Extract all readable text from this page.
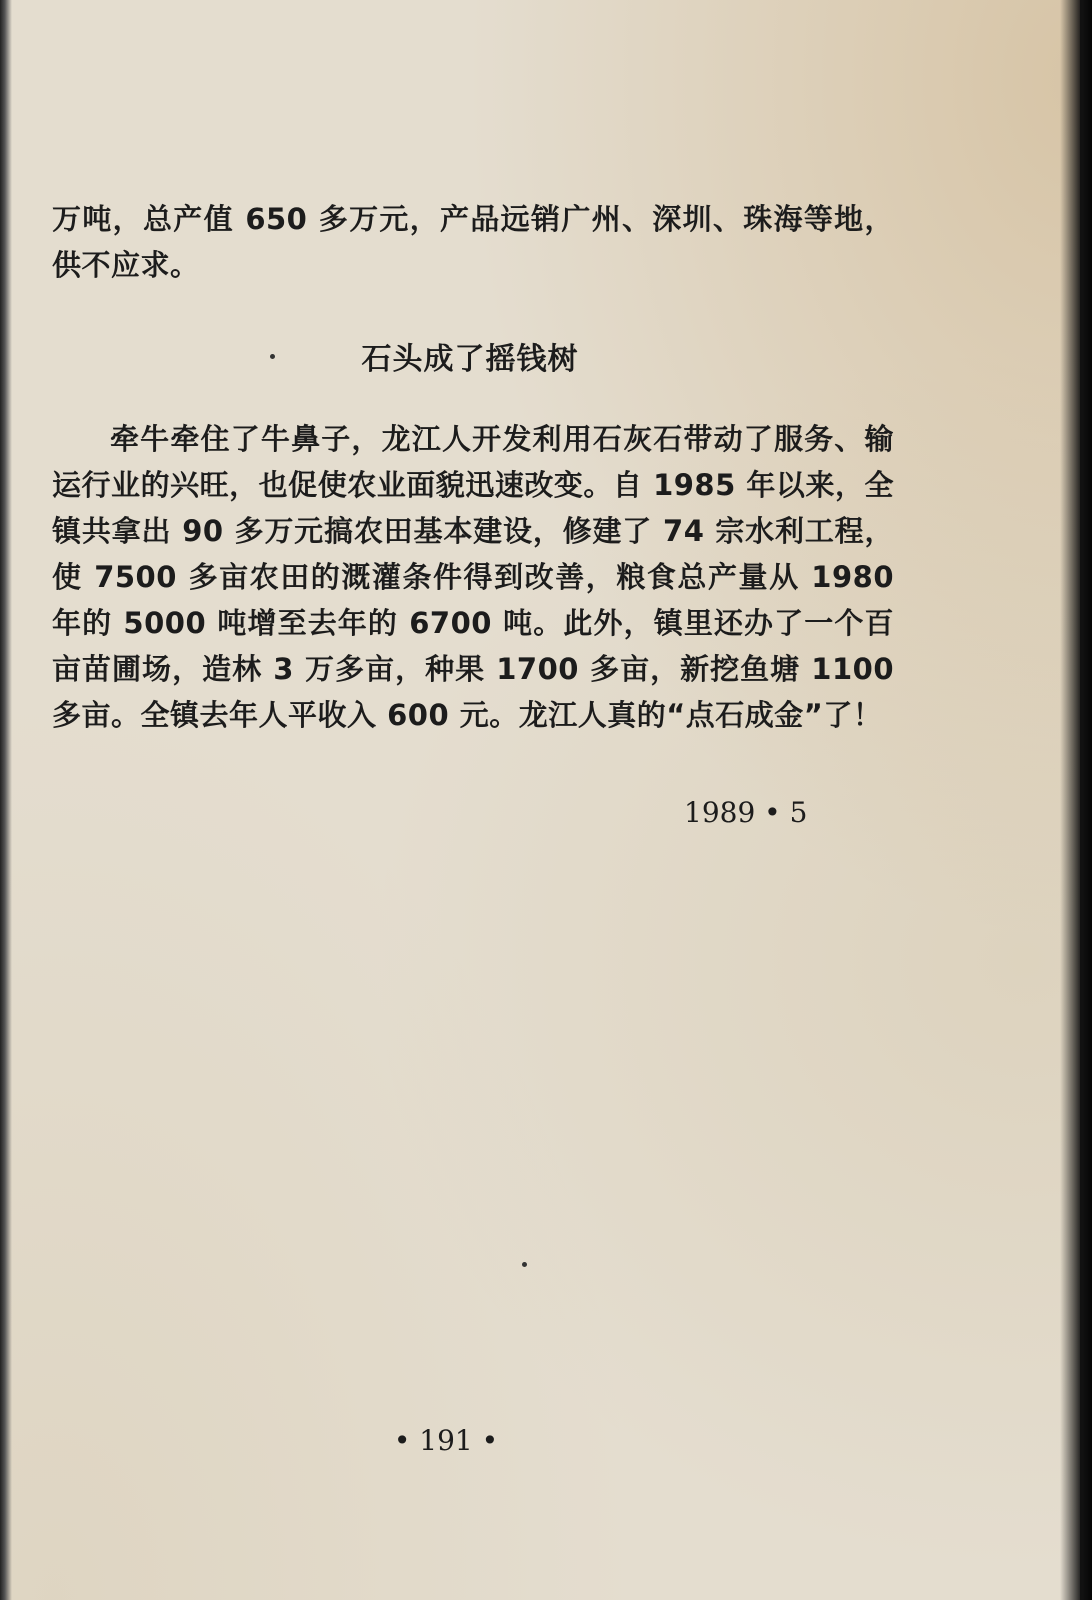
万吨，总产值 650 多万元，产品远销广州、深圳、珠海等地，供不应求。

石头成了摇钱树

牵牛牵住了牛鼻子，龙江人开发利用石灰石带动了服务、输运行业的兴旺，也促使农业面貌迅速改变。自 1985 年以来，全镇共拿出 90 多万元搞农田基本建设，修建了 74 宗水利工程，使 7500 多亩农田的溉灌条件得到改善，粮食总产量从 1980 年的 5000 吨增至去年的 6700 吨。此外，镇里还办了一个百亩苗圃场，造林 3 万多亩，种果 1700 多亩，新挖鱼塘 1100 多亩。全镇去年人平收入 600 元。龙江人真的“点石成金”了！

1989 • 5
• 191 •
